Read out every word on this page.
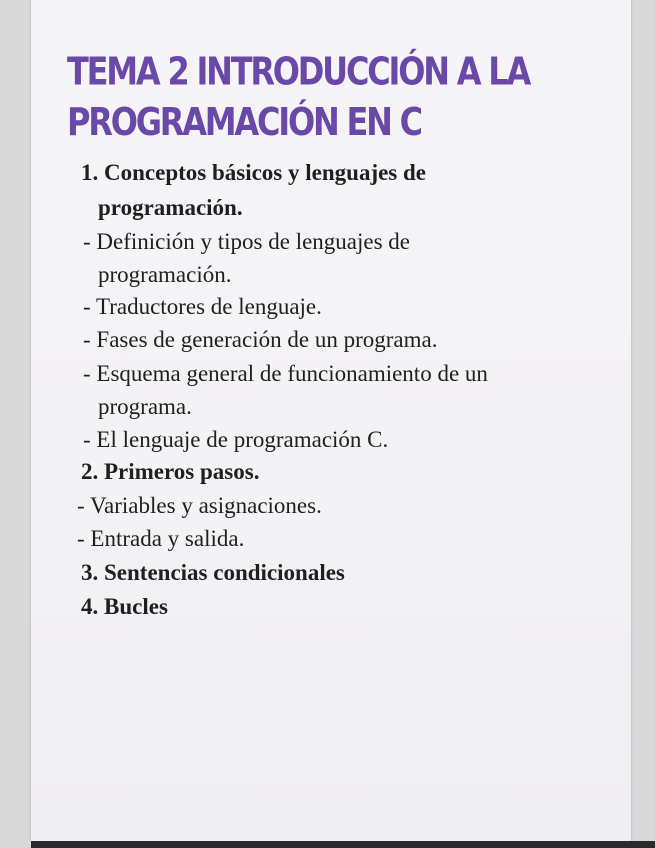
TEMA 2 INTRODUCCIÓN A LA
PROGRAMACIÓN EN C
1. Conceptos básicos y lenguajes de
programación.
- Definición y tipos de lenguajes de
programación.
- Traductores de lenguaje.
- Fases de generación de un programa.
- Esquema general de funcionamiento de un
programa.
- El lenguaje de programación C.
2. Primeros pasos.
- Variables y asignaciones.
- Entrada y salida.
3. Sentencias condicionales
4. Bucles
